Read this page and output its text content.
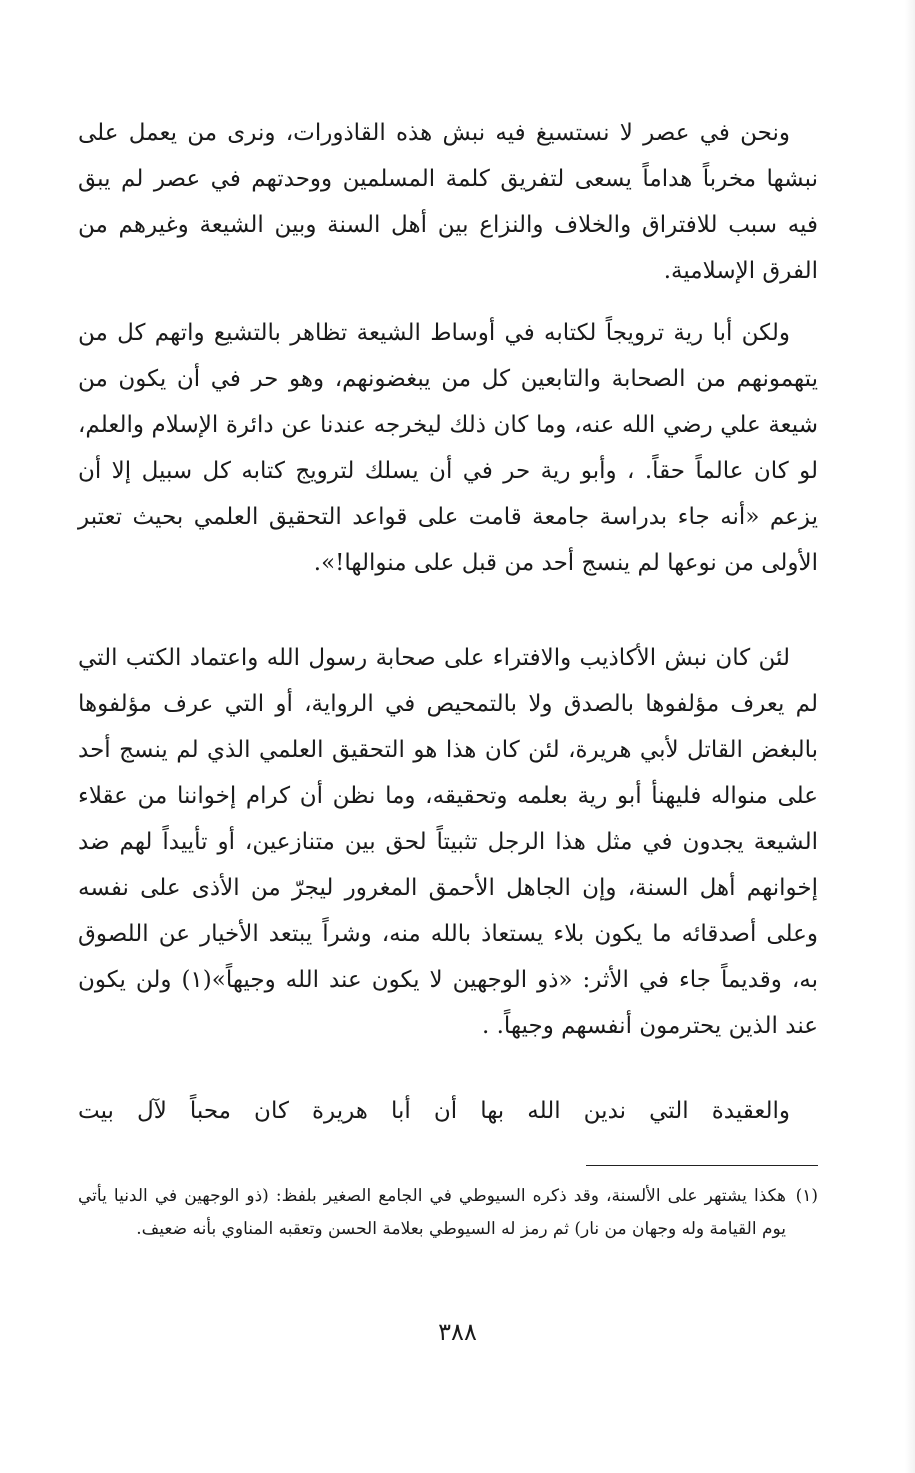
ونحن في عصر لا نستسيغ فيه نبش هذه القاذورات، ونرى من يعمل على نبشها مخرباً هداماً يسعى لتفريق كلمة المسلمين ووحدتهم في عصر لم يبق فيه سبب للافتراق والخلاف والنزاع بين أهل السنة وبين الشيعة وغيرهم من الفرق الإسلامية.

ولكن أبا رية ترويجاً لكتابه في أوساط الشيعة تظاهر بالتشيع واتهم كل من يتهمونهم من الصحابة والتابعين كل من يبغضونهم، وهو حر في أن يكون من شيعة علي رضي الله عنه، وما كان ذلك ليخرجه عندنا عن دائرة الإسلام والعلم، لو كان عالماً حقاً. ، وأبو رية حر في أن يسلك لترويج كتابه كل سبيل إلا أن يزعم «أنه جاء بدراسة جامعة قامت على قواعد التحقيق العلمي بحيث تعتبر الأولى من نوعها لم ينسج أحد من قبل على منوالها!».

لئن كان نبش الأكاذيب والافتراء على صحابة رسول الله واعتماد الكتب التي لم يعرف مؤلفوها بالصدق ولا بالتمحيص في الرواية، أو التي عرف مؤلفوها بالبغض القاتل لأبي هريرة، لئن كان هذا هو التحقيق العلمي الذي لم ينسج أحد على منواله فليهنأ أبو رية بعلمه وتحقيقه، وما نظن أن كرام إخواننا من عقلاء الشيعة يجدون في مثل هذا الرجل تثبيتاً لحق بين متنازعين، أو تأييداً لهم ضد إخوانهم أهل السنة، وإن الجاهل الأحمق المغرور ليجرّ من الأذى على نفسه وعلى أصدقائه ما يكون بلاء يستعاذ بالله منه، وشراً يبتعد الأخيار عن اللصوق به، وقديماً جاء في الأثر: «ذو الوجهين لا يكون عند الله وجيهاً»(١) ولن يكون عند الذين يحترمون أنفسهم وجيهاً. .

والعقيدة التي ندين الله بها أن أبا هريرة كان محباً لآل بيت

(١)

هكذا يشتهر على الألسنة، وقد ذكره السيوطي في الجامع الصغير بلفظ: (ذو الوجهين في الدنيا يأتي يوم القيامة وله وجهان من نار) ثم رمز له السيوطي بعلامة الحسن وتعقبه المناوي بأنه ضعيف.

٣٨٨
